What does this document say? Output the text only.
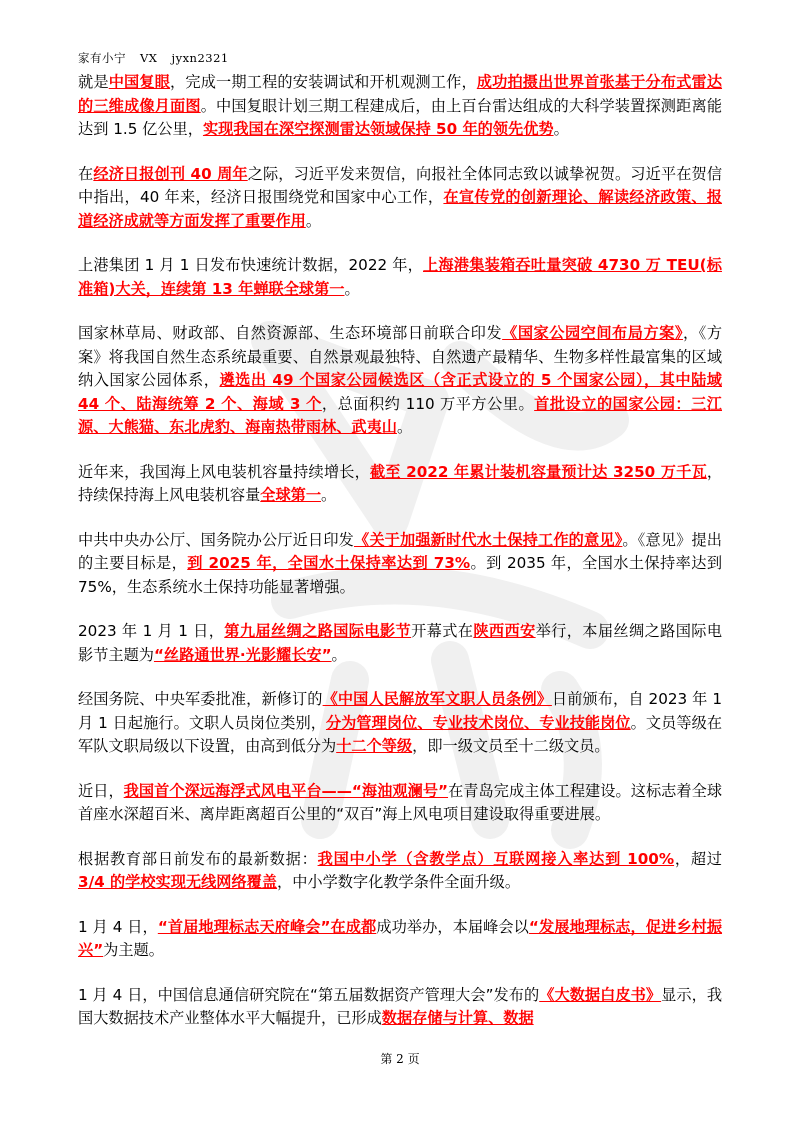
家有小宁 VX jyxn2321

就是中国复眼，完成一期工程的安装调试和开机观测工作，成功拍摄出世界首张基于分布式雷达的三维成像月面图。中国复眼计划三期工程建成后，由上百台雷达组成的大科学装置探测距离能达到 1.5 亿公里，实现我国在深空探测雷达领域保持 50 年的领先优势。

在经济日报创刊 40 周年之际，习近平发来贺信，向报社全体同志致以诚挚祝贺。习近平在贺信中指出，40 年来，经济日报围绕党和国家中心工作，在宣传党的创新理论、解读经济政策、报道经济成就等方面发挥了重要作用。

上港集团 1 月 1 日发布快速统计数据，2022 年，上海港集装箱吞吐量突破 4730 万 TEU(标准箱)大关，连续第 13 年蝉联全球第一。

国家林草局、财政部、自然资源部、生态环境部日前联合印发《国家公园空间布局方案》，《方案》将我国自然生态系统最重要、自然景观最独特、自然遗产最精华、生物多样性最富集的区域纳入国家公园体系，遴选出 49 个国家公园候选区（含正式设立的 5 个国家公园），其中陆域 44 个、陆海统筹 2 个、海域 3 个，总面积约 110 万平方公里。首批设立的国家公园：三江源、大熊猫、东北虎豹、海南热带雨林、武夷山。

近年来，我国海上风电装机容量持续增长，截至 2022 年累计装机容量预计达 3250 万千瓦，持续保持海上风电装机容量全球第一。

中共中央办公厅、国务院办公厅近日印发《关于加强新时代水土保持工作的意见》。《意见》提出的主要目标是，到 2025 年，全国水土保持率达到 73%。到 2035 年，全国水土保持率达到 75%，生态系统水土保持功能显著增强。

2023 年 1 月 1 日，第九届丝绸之路国际电影节开幕式在陕西西安举行，本届丝绸之路国际电影节主题为“丝路通世界·光影耀长安”。

经国务院、中央军委批准，新修订的《中国人民解放军文职人员条例》日前颁布，自 2023 年 1 月 1 日起施行。文职人员岗位类别，分为管理岗位、专业技术岗位、专业技能岗位。文员等级在军队文职局级以下设置，由高到低分为十二个等级，即一级文员至十二级文员。

近日，我国首个深远海浮式风电平台——“海油观澜号”在青岛完成主体工程建设。这标志着全球首座水深超百米、离岸距离超百公里的“双百”海上风电项目建设取得重要进展。

根据教育部日前发布的最新数据：我国中小学（含教学点）互联网接入率达到 100%，超过 3/4 的学校实现无线网络覆盖，中小学数字化教学条件全面升级。

1 月 4 日，“首届地理标志天府峰会”在成都成功举办，本届峰会以“发展地理标志，促进乡村振兴”为主题。

1 月 4 日，中国信息通信研究院在“第五届数据资产管理大会”发布的《大数据白皮书》显示，我国大数据技术产业整体水平大幅提升，已形成数据存储与计算、数据

第 2 页
